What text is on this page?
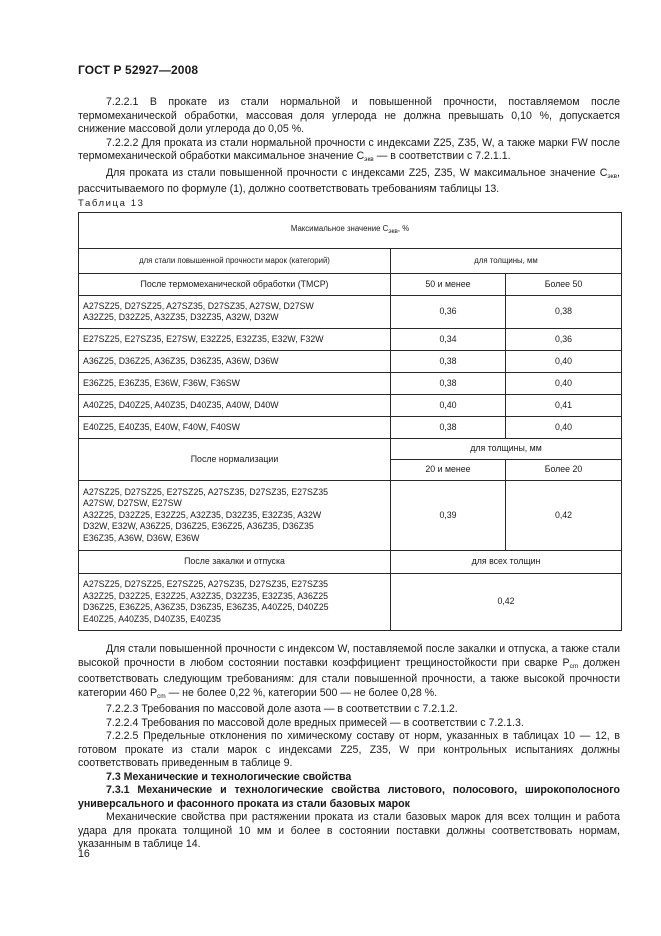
ГОСТ Р 52927—2008

7.2.2.1 В прокате из стали нормальной и повышенной прочности, поставляемом после термомеханической обработки, массовая доля углерода не должна превышать 0,10 %, допускается снижение массовой доли углерода до 0,05 %.

7.2.2.2 Для проката из стали нормальной прочности с индексами Z25, Z35, W, а также марки FW после термомеханической обработки максимальное значение $С_{экв}$ — в соответствии с 7.2.1.1.

Для проката из стали повышенной прочности с индексами Z25, Z35, W максимальное значение $С_{экв}$, рассчитываемого по формуле (1), должно соответствовать требованиям таблицы 13.

Таблица 13
Максимальное значение $С_{экв}$, %		
для стали повышенной прочности марок (категорий)	для толщины, мм	
После термомеханической обработки (ТМСР)	50 и менее	Более 50

A27SZ25, D27SZ25, A27SZ35, D27SZ35, A27SW, D27SW
A32Z25, D32Z25, A32Z35, D32Z35, A32W, D32W	0,36	0,38
E27SZ25, E27SZ35, E27SW, E32Z25, E32Z35, E32W, F32W	0,34	0,36
A36Z25, D36Z25, A36Z35, D36Z35, A36W, D36W	0,38	0,40
E36Z25, E36Z35, E36W, F36W, F36SW	0,38	0,40
A40Z25, D40Z25, A40Z35, D40Z35, A40W, D40W	0,40	0,41
E40Z25, E40Z35, E40W, F40W, F40SW	0,38	0,40
После нормализации	для толщины, мм	
	20 и менее	Более 20

A27SZ25, D27SZ25, E27SZ25, A27SZ35, D27SZ35, E27SZ35
A27SW, D27SW, E27SW
A32Z25, D32Z25, E32Z25, A32Z35, D32Z35, E32Z35, A32W
D32W, E32W, A36Z25, D36Z25, E36Z25, A36Z35, D36Z35
E36Z35, A36W, D36W, E36W	0,39	0,42
После закалки и отпуска	для всех толщин	

A27SZ25, D27SZ25, E27SZ25, A27SZ35, D27SZ35, E27SZ35
A32Z25, D32Z25, E32Z25, A32Z35, D32Z35, E32Z35, A36Z25
D36Z25, E36Z25, A36Z35, D36Z35, E36Z35, A40Z25, D40Z25
E40Z25, A40Z35, D40Z35, E40Z35	0,42	

Для стали повышенной прочности с индексом W, поставляемой после закалки и отпуска, а также стали высокой прочности в любом состоянии поставки коэффициент трещиностойкости при сварке $P_{cm}$ должен соответствовать следующим требованиям: для стали повышенной прочности, а также высокой прочности категории 460 $P_{cm}$ — не более 0,22 %, категории 500 — не более 0,28 %.

7.2.2.3 Требования по массовой доле азота — в соответствии с 7.2.1.2.

7.2.2.4 Требования по массовой доле вредных примесей — в соответствии с 7.2.1.3.

7.2.2.5 Предельные отклонения по химическому составу от норм, указанных в таблицах 10 — 12, в готовом прокате из стали марок с индексами Z25, Z35, W при контрольных испытаниях должны соответствовать приведенным в таблице 9.

7.3 Механические и технологические свойства

7.3.1 Механические и технологические свойства листового, полосового, широкополосного универсального и фасонного проката из стали базовых марок

Механические свойства при растяжении проката из стали базовых марок для всех толщин и работа удара для проката толщиной 10 мм и более в состоянии поставки должны соответствовать нормам, указанным в таблице 14.

16
